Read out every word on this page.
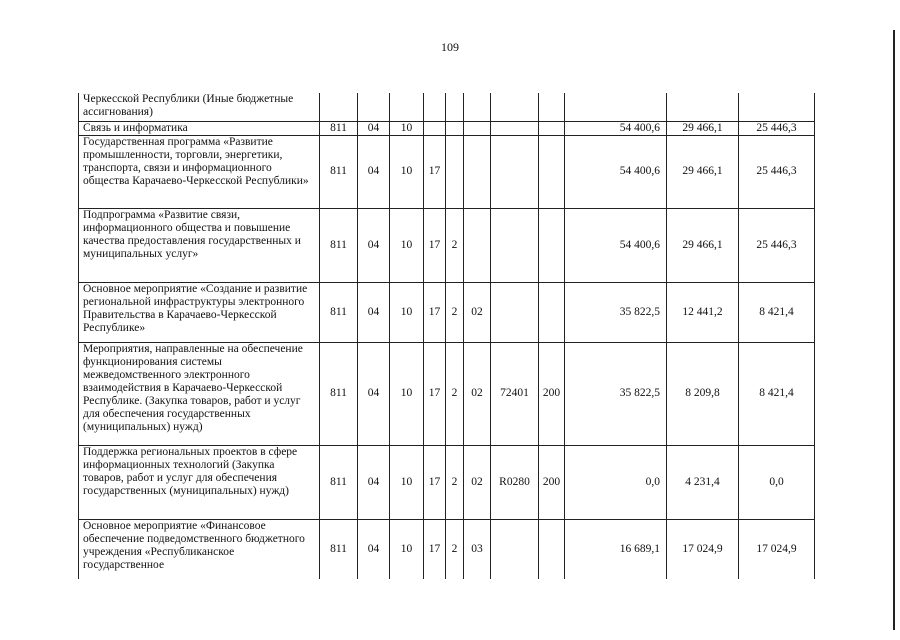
109
Черкесской Республики (Иные бюджетные ассигнования)											
Связь и информатика	811	04	10						54 400,6	29 466,1	25 446,3
Государственная программа «Развитие промышленности, торговли, энергетики, транспорта, связи и информационного общества Карачаево-Черкесской Республики»	811	04	10	17					54 400,6	29 466,1	25 446,3
Подпрограмма «Развитие связи, информационного общества и повышение качества предоставления государственных и муниципальных услуг»	811	04	10	17	2				54 400,6	29 466,1	25 446,3
Основное мероприятие «Создание и развитие региональной инфраструктуры электронного Правительства в Карачаево-Черкесской Республике»	811	04	10	17	2	02			35 822,5	12 441,2	8 421,4
Мероприятия, направленные на обеспечение функционирования системы межведомственного электронного взаимодействия в Карачаево-Черкесской Республике. (Закупка товаров, работ и услуг для обеспечения государственных (муниципальных) нужд)	811	04	10	17	2	02	72401	200	35 822,5	8 209,8	8 421,4
Поддержка региональных проектов в сфере информационных технологий (Закупка товаров, работ и услуг для обеспечения государственных (муниципальных) нужд)	811	04	10	17	2	02	R0280	200	0,0	4 231,4	0,0
Основное мероприятие «Финансовое обеспечение подведомственного бюджетного учреждения «Республиканское государственное	811	04	10	17	2	03			16 689,1	17 024,9	17 024,9
